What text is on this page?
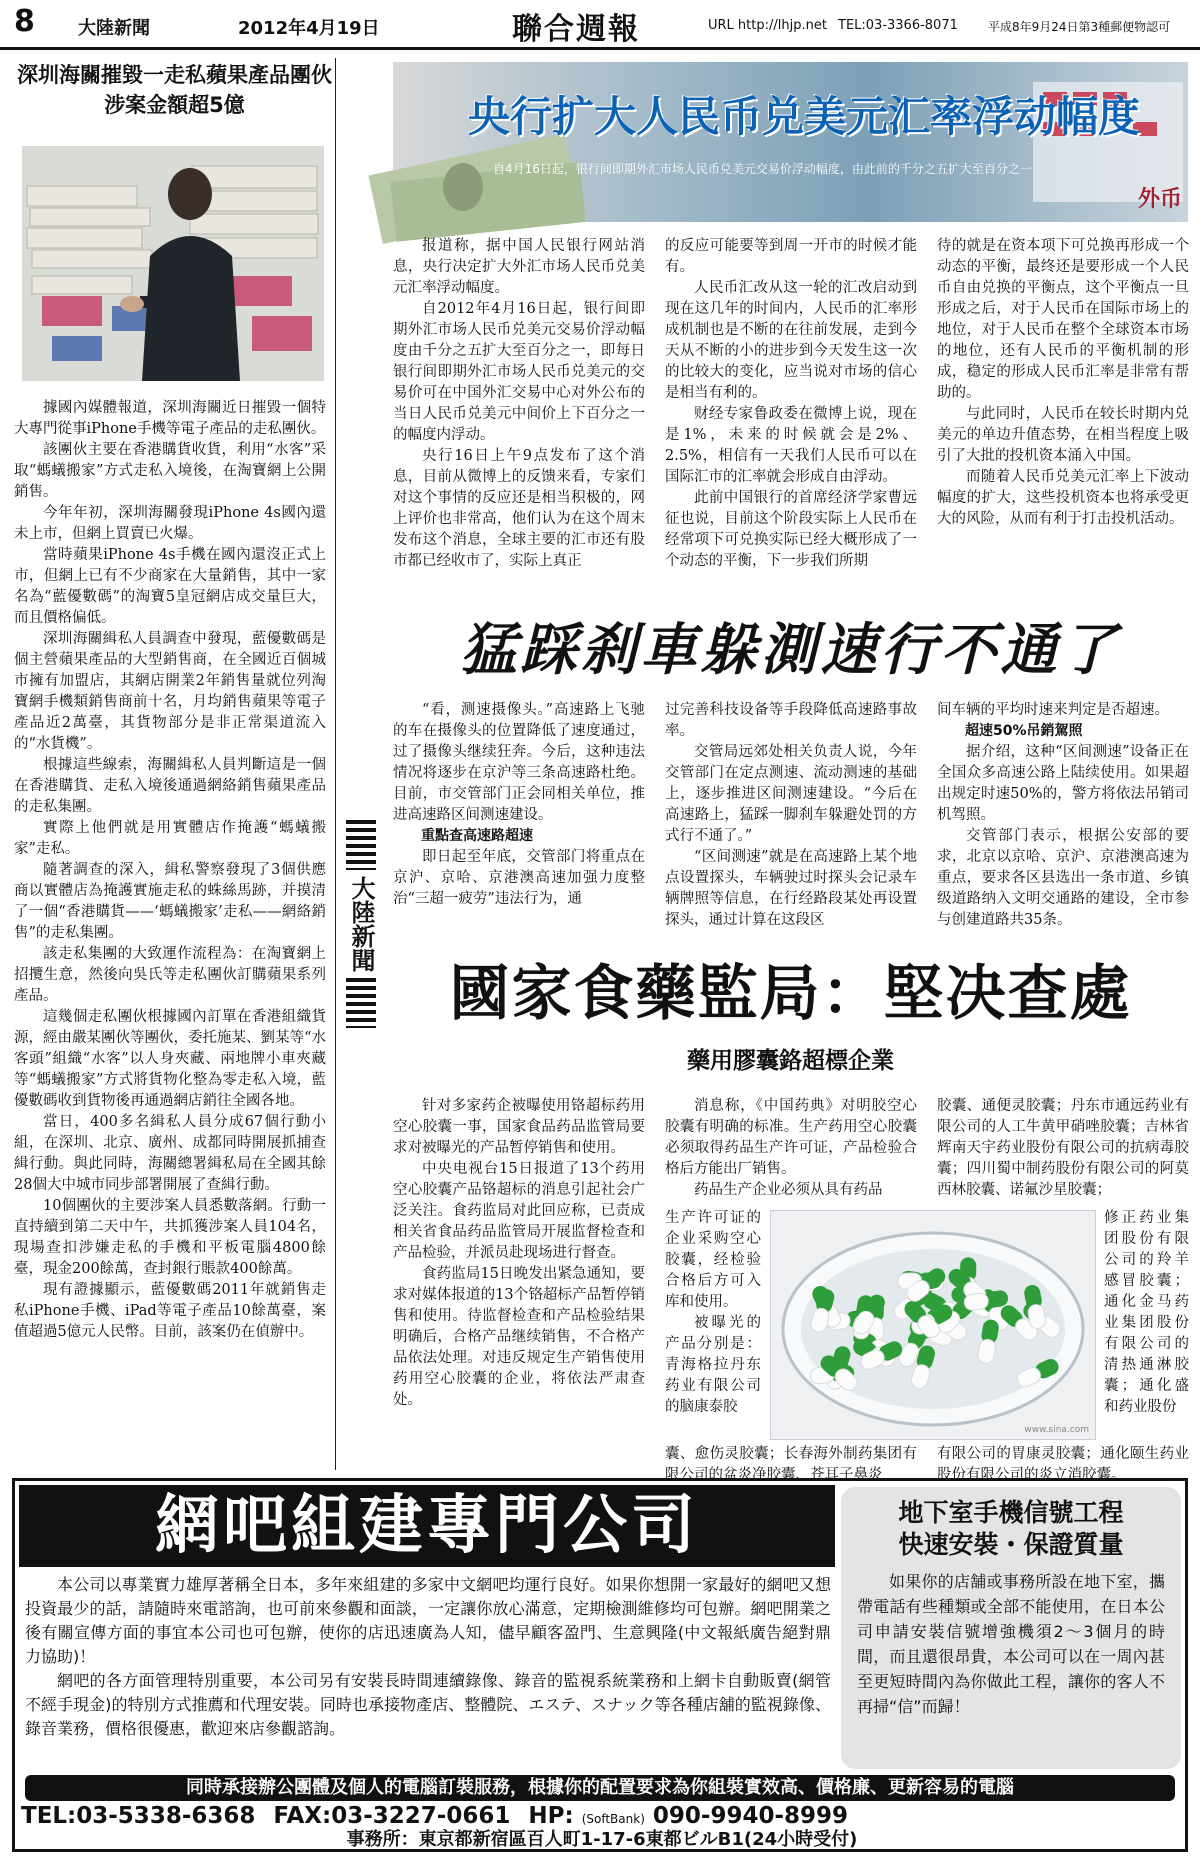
8 大陸新聞	2012年4月19日	聯合週報	URL http://lhjp.net TEL:03-3366-8071	平成8年9月24日第3種郵便物認可
深圳海關摧毀一走私蘋果產品團伙
涉案金額超5億

據國內媒體報道，深圳海關近日摧毀一個特大專門從事iPhone手機等電子產品的走私團伙。

該團伙主要在香港購貨收貨，利用“水客”采取“螞蟻搬家”方式走私入境後，在淘寶網上公開銷售。

今年年初，深圳海關發現iPhone 4s國內還未上市，但網上買賣已火爆。

當時蘋果iPhone 4s手機在國內還沒正式上市，但網上已有不少商家在大量銷售，其中一家名為“藍優數碼”的淘寶5皇冠網店成交量巨大，而且價格偏低。

深圳海關緝私人員調查中發現，藍優數碼是個主營蘋果產品的大型銷售商，在全國近百個城市擁有加盟店，其網店開業2年銷售量就位列淘寶網手機類銷售商前十名，月均銷售蘋果等電子產品近2萬臺，其貨物部分是非正常渠道流入的“水貨機”。

根據這些線索，海關緝私人員判斷這是一個在香港購貨、走私入境後通過網絡銷售蘋果產品的走私集團。

實際上他們就是用實體店作掩護“螞蟻搬家”走私。

隨著調查的深入，緝私警察發現了3個供應商以實體店為掩護實施走私的蛛絲馬跡，并摸清了一個“香港購貨——‘螞蟻搬家’走私——網絡銷售”的走私集團。

該走私集團的大致運作流程為：在淘寶網上招攬生意，然後向吳氏等走私團伙訂購蘋果系列產品。

這幾個走私團伙根據國內訂單在香港組織貨源，經由嚴某團伙等團伙，委托施某、劉某等“水客頭”組織“水客”以人身夾藏、兩地牌小車夾藏等“螞蟻搬家”方式將貨物化整為零走私入境，藍優數碼收到貨物後再通過網店銷往全國各地。

當日，400多名緝私人員分成67個行動小組，在深圳、北京、廣州、成都同時開展抓捕查緝行動。與此同時，海關總署緝私局在全國其餘28個大中城市同步部署開展了查緝行動。

10個團伙的主要涉案人員悉數落網。行動一直持續到第二天中午，共抓獲涉案人員104名，現場查扣涉嫌走私的手機和平板電腦4800餘臺，現金200餘萬，查封銀行賬款400餘萬。

現有證據顯示，藍優數碼2011年就銷售走私iPhone手機、iPad等電子產品10餘萬臺，案值超過5億元人民幣。目前，該案仍在偵辦中。

大陸新聞
央行扩大人民币兑美元汇率浮动幅度
自4月16日起，银行间即期外汇市场人民币兑美元交易价浮动幅度，由此前的千分之五扩大至百分之一
外币

报道称，据中国人民银行网站消息，央行决定扩大外汇市场人民币兑美元汇率浮动幅度。

自2012年4月16日起，银行间即期外汇市场人民币兑美元交易价浮动幅度由千分之五扩大至百分之一，即每日银行间即期外汇市场人民币兑美元的交易价可在中国外汇交易中心对外公布的当日人民币兑美元中间价上下百分之一的幅度内浮动。

央行16日上午9点发布了这个消息，目前从微博上的反馈来看，专家们对这个事情的反应还是相当积极的，网上评价也非常高，他们认为在这个周末发布这个消息，全球主要的汇市还有股市都已经收市了，实际上真正

的反应可能要等到周一开市的时候才能有。

人民币汇改从这一轮的汇改启动到现在这几年的时间内，人民币的汇率形成机制也是不断的在往前发展，走到今天从不断的小的进步到今天发生这一次的比较大的变化，应当说对市场的信心是相当有利的。

财经专家鲁政委在微博上说，现在是1%，未来的时候就会是2%、2.5%，相信有一天我们人民币可以在国际汇市的汇率就会形成自由浮动。

此前中国银行的首席经济学家曹远征也说，目前这个阶段实际上人民币在经常项下可兑换实际已经大概形成了一个动态的平衡，下一步我们所期

待的就是在资本项下可兑换再形成一个动态的平衡，最终还是要形成一个人民币自由兑换的平衡点，这个平衡点一旦形成之后，对于人民币在国际市场上的地位，对于人民币在整个全球资本市场的地位，还有人民币的平衡机制的形成，稳定的形成人民币汇率是非常有帮助的。

与此同时，人民币在较长时期内兑美元的单边升值态势，在相当程度上吸引了大批的投机资本涌入中国。

而随着人民币兑美元汇率上下波动幅度的扩大，这些投机资本也将承受更大的风险，从而有利于打击投机活动。

猛踩刹車躲測速行不通了

“看，测速摄像头。”高速路上飞驰的车在摄像头的位置降低了速度通过，过了摄像头继续狂奔。今后，这种违法情况将逐步在京沪等三条高速路杜绝。目前，市交管部门正会同相关单位，推进高速路区间测速建设。

重點查高速路超速

即日起至年底，交管部门将重点在京沪、京哈、京港澳高速加强力度整治“三超一疲劳”违法行为，通

过完善科技设备等手段降低高速路事故率。

交管局远郊处相关负责人说，今年交管部门在定点测速、流动测速的基础上，逐步推进区间测速建设。“今后在高速路上，猛踩一脚刹车躲避处罚的方式行不通了。”

“区间测速”就是在高速路上某个地点设置探头，车辆驶过时探头会记录车辆牌照等信息，在行经路段某处再设置探头，通过计算在这段区

间车辆的平均时速来判定是否超速。

超速50%吊銷駕照

据介绍，这种“区间测速”设备正在全国众多高速公路上陆续使用。如果超出规定时速50%的，警方将依法吊销司机驾照。

交管部门表示，根据公安部的要求，北京以京哈、京沪、京港澳高速为重点，要求各区县选出一条市道、乡镇级道路纳入文明交通路的建设，全市参与创建道路共35条。

國家食藥監局：堅决查處
藥用膠囊鉻超標企業

针对多家药企被曝使用铬超标药用空心胶囊一事，国家食品药品监管局要求对被曝光的产品暂停销售和使用。

中央电视台15日报道了13个药用空心胶囊产品铬超标的消息引起社会广泛关注。食药监局对此回应称，已责成相关省食品药品监管局开展监督检查和产品检验，并派员赴现场进行督查。

食药监局15日晚发出紧急通知，要求对媒体报道的13个铬超标产品暂停销售和使用。待监督检查和产品检验结果明确后，合格产品继续销售，不合格产品依法处理。对违反规定生产销售使用药用空心胶囊的企业，将依法严肃查处。

消息称，《中国药典》对明胶空心胶囊有明确的标准。生产药用空心胶囊必须取得药品生产许可证，产品检验合格后方能出厂销售。

药品生产企业必须从具有药品

生产许可证的企业采购空心胶囊，经检验合格后方可入库和使用。

被曝光的产品分别是：青海格拉丹东药业有限公司的脑康泰胶

囊、愈伤灵胶囊；长春海外制药集团有限公司的盆炎净胶囊、苍耳子鼻炎

胶囊、通便灵胶囊；丹东市通远药业有限公司的人工牛黄甲硝唑胶囊；吉林省辉南天宇药业股份有限公司的抗病毒胶囊；四川蜀中制药股份有限公司的阿莫西林胶囊、诺氟沙星胶囊；

修正药业集团股份有限公司的羚羊感冒胶囊；通化金马药业集团股份有限公司的清热通淋胶囊；通化盛和药业股份

有限公司的胃康灵胶囊；通化颐生药业股份有限公司的炎立消胶囊。

www.sina.com
網吧組建專門公司

本公司以專業實力雄厚著稱全日本，多年來組建的多家中文網吧均運行良好。如果你想開一家最好的網吧又想投資最少的話，請隨時來電諮詢，也可前來參觀和面談，一定讓你放心滿意，定期檢測維修均可包辦。網吧開業之後有關宣傳方面的事宜本公司也可包辦，使你的店迅速廣為人知，儘早顧客盈門、生意興隆(中文報紙廣告絕對鼎力協助)！

網吧的各方面管理特別重要，本公司另有安裝長時間連續錄像、錄音的監視系統業務和上網卡自動販賣(網管不經手現金)的特別方式推薦和代理安裝。同時也承接物產店、整體院、エステ、スナック等各種店舖的監視錄像、錄音業務，價格很優惠，歡迎來店參觀諮詢。

地下室手機信號工程
快速安裝・保證質量

如果你的店舗或事務所設在地下室，攜帶電話有些種類或全部不能使用，在日本公司申請安裝信號增強機須2～3個月的時間，而且還很昂貴，本公司可以在一周內甚至更短時間內為你做此工程，讓你的客人不再掃“信”而歸！

同時承接辦公團體及個人的電腦訂裝服務，根據你的配置要求為你組裝實效高、價格廉、更新容易的電腦
TEL:03-5338-6368 FAX:03-3227-0661 HP: (SoftBank) 090-9940-8999
事務所：東京都新宿區百人町1-17-6東都ビルB1(24小時受付)
